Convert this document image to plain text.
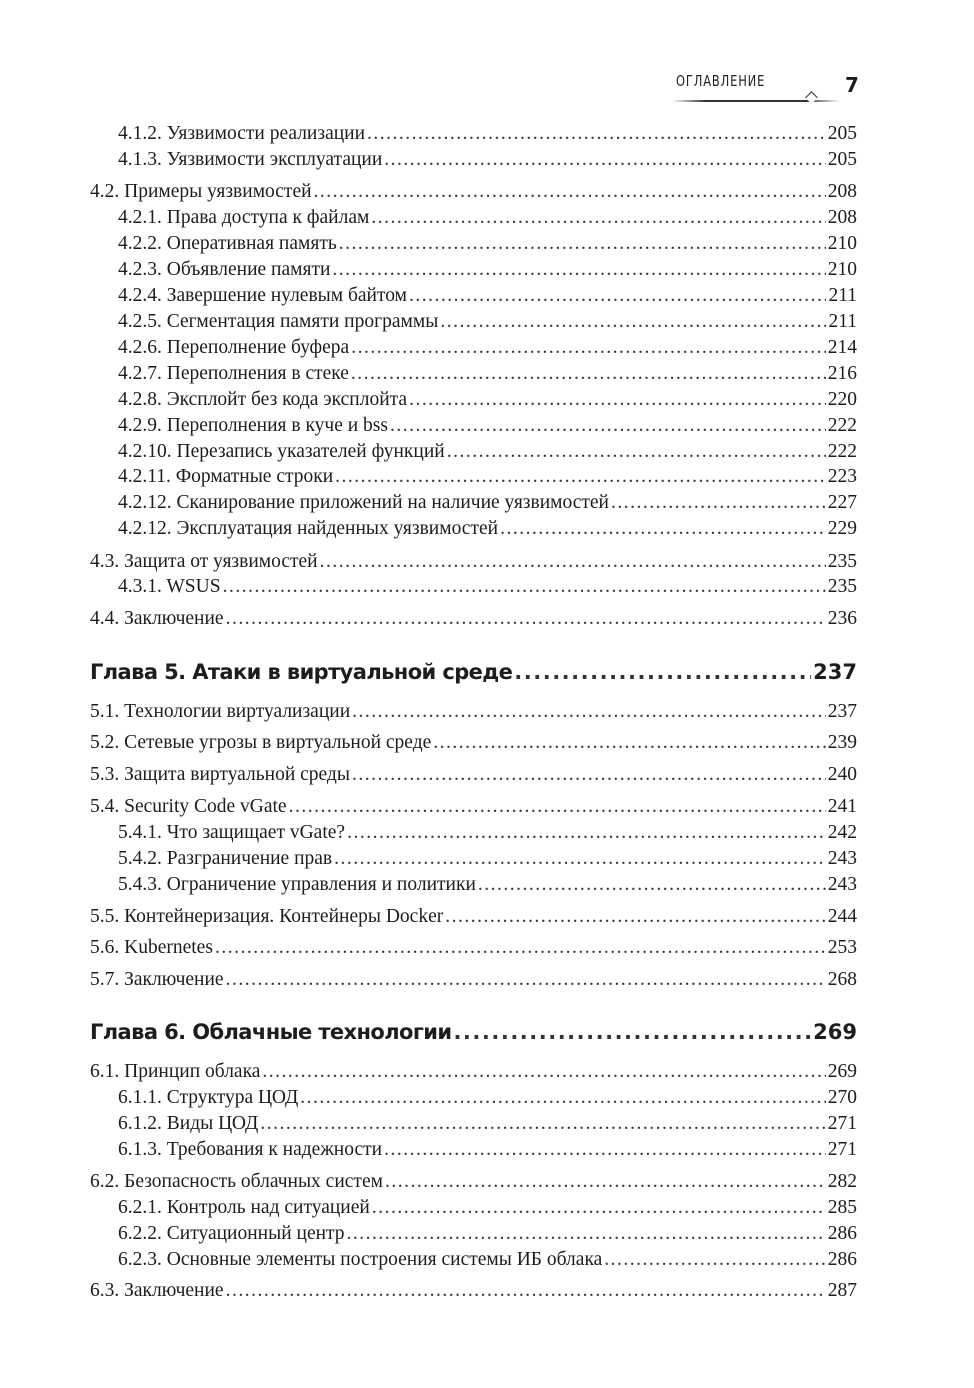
ОГЛАВЛЕНИЕ	7
4.1.2. Уязвимости реализации .....	205
4.1.3. Уязвимости эксплуатации .....	205
4.2. Примеры уязвимостей .....	208
4.2.1. Права доступа к файлам .....	208
4.2.2. Оперативная память .....	210
4.2.3. Объявление памяти .....	210
4.2.4. Завершение нулевым байтом .....	211
4.2.5. Сегментация памяти программы .....	211
4.2.6. Переполнение буфера .....	214
4.2.7. Переполнения в стеке .....	216
4.2.8. Эксплойт без кода эксплойта .....	220
4.2.9. Переполнения в куче и bss .....	222
4.2.10. Перезапись указателей функций .....	222
4.2.11. Форматные строки .....	223
4.2.12. Сканирование приложений на наличие уязвимостей .....	227
4.2.12. Эксплуатация найденных уязвимостей .....	229
4.3. Защита от уязвимостей .....	235
4.3.1. WSUS .....	235
4.4. Заключение .....	236
Глава 5. Атаки в виртуальной среде .....	237
5.1. Технологии виртуализации .....	237
5.2. Сетевые угрозы в виртуальной среде .....	239
5.3. Защита виртуальной среды .....	240
5.4. Security Code vGate .....	241
5.4.1. Что защищает vGate? .....	242
5.4.2. Разграничение прав .....	243
5.4.3. Ограничение управления и политики .....	243
5.5. Контейнеризация. Контейнеры Docker .....	244
5.6. Kubernetes .....	253
5.7. Заключение .....	268
Глава 6. Облачные технологии .....	269
6.1. Принцип облака .....	269
6.1.1. Структура ЦОД .....	270
6.1.2. Виды ЦОД .....	271
6.1.3. Требования к надежности .....	271
6.2. Безопасность облачных систем .....	282
6.2.1. Контроль над ситуацией .....	285
6.2.2. Ситуационный центр .....	286
6.2.3. Основные элементы построения системы ИБ облака .....	286
6.3. Заключение .....	287
